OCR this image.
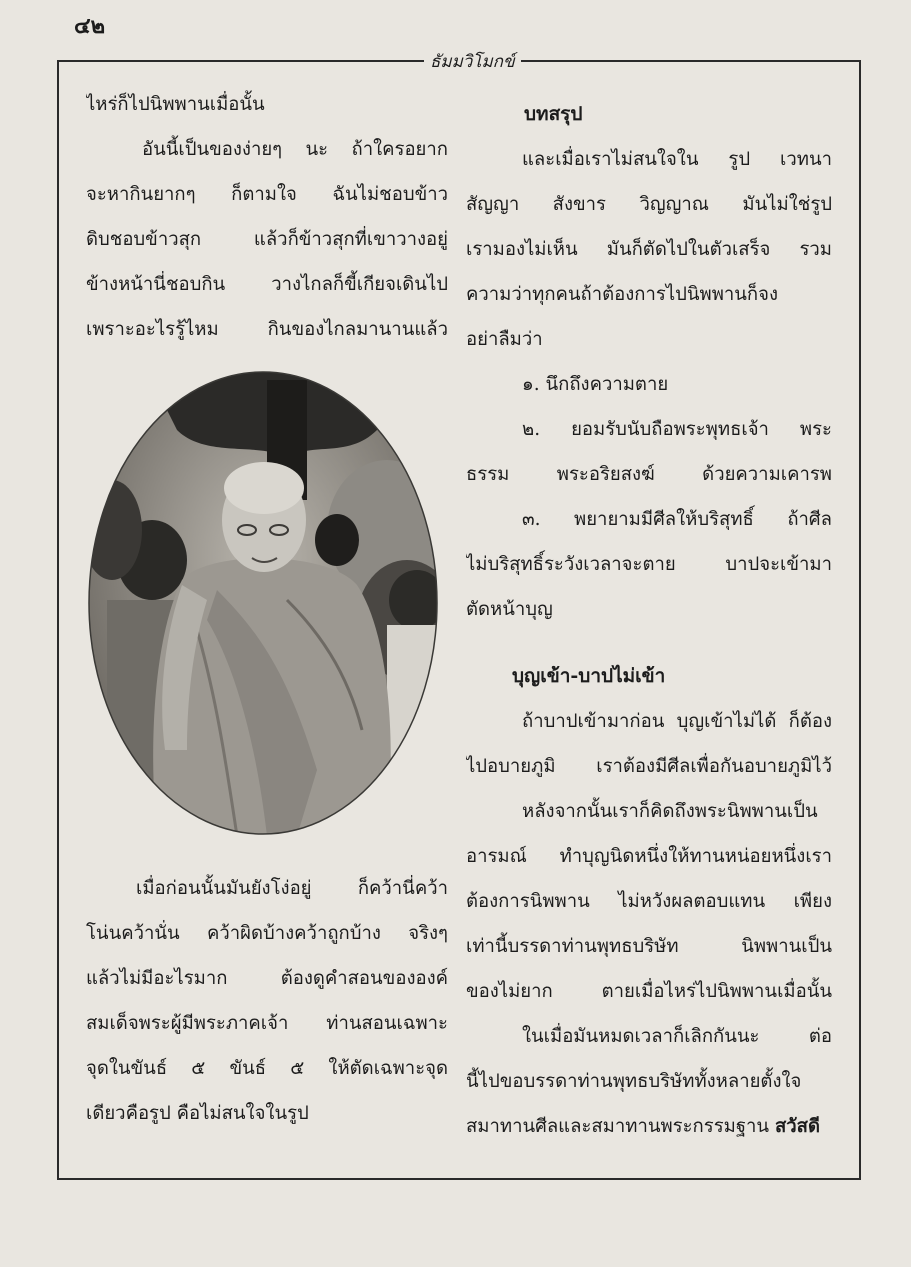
๔๒
ธัมมวิโมกข์
ไหร่ก็ไปนิพพานเมื่อนั้น
อันนี้เป็นของง่ายๆ นะ ถ้าใครอยาก
จะหากินยากๆ ก็ตามใจ ฉันไม่ชอบข้าว
ดิบชอบข้าวสุก แล้วก็ข้าวสุกที่เขาวางอยู่
ข้างหน้านี่ชอบกิน วางไกลก็ขี้เกียจเดินไป
เพราะอะไรรู้ไหม กินของไกลมานานแล้ว
เมื่อก่อนนั้นมันยังโง่อยู่ ก็คว้านี่คว้า
โน่นคว้านั่น คว้าผิดบ้างคว้าถูกบ้าง จริงๆ
แล้วไม่มีอะไรมาก ต้องดูคำสอนขององค์
สมเด็จพระผู้มีพระภาคเจ้า ท่านสอนเฉพาะ
จุดในขันธ์ ๕ ขันธ์ ๕ ให้ตัดเฉพาะจุด
เดียวคือรูป คือไม่สนใจในรูป
บทสรุป
และเมื่อเราไม่สนใจใน รูป เวทนา
สัญญา สังขาร วิญญาณ มันไม่ใช่รูป
เรามองไม่เห็น มันก็ตัดไปในตัวเสร็จ รวม
ความว่าทุกคนถ้าต้องการไปนิพพานก็จง
อย่าลืมว่า
๑. นึกถึงความตาย
๒. ยอมรับนับถือพระพุทธเจ้า พระ
ธรรม พระอริยสงฆ์ ด้วยความเคารพ
๓. พยายามมีศีลให้บริสุทธิ์ ถ้าศีล
ไม่บริสุทธิ์ระวังเวลาจะตาย บาปจะเข้ามา
ตัดหน้าบุญ
บุญเข้า-บาปไม่เข้า
ถ้าบาปเข้ามาก่อน บุญเข้าไม่ได้ ก็ต้อง
ไปอบายภูมิ เราต้องมีศีลเพื่อกันอบายภูมิไว้
หลังจากนั้นเราก็คิดถึงพระนิพพานเป็น
อารมณ์ ทำบุญนิดหนึ่งให้ทานหน่อยหนึ่งเรา
ต้องการนิพพาน ไม่หวังผลตอบแทน เพียง
เท่านี้บรรดาท่านพุทธบริษัท นิพพานเป็น
ของไม่ยาก ตายเมื่อไหร่ไปนิพพานเมื่อนั้น
ในเมื่อมันหมดเวลาก็เลิกกันนะ ต่อ
นี้ไปขอบรรดาท่านพุทธบริษัททั้งหลายตั้งใจ
สมาทานศีลและสมาทานพระกรรมฐาน สวัสดี
